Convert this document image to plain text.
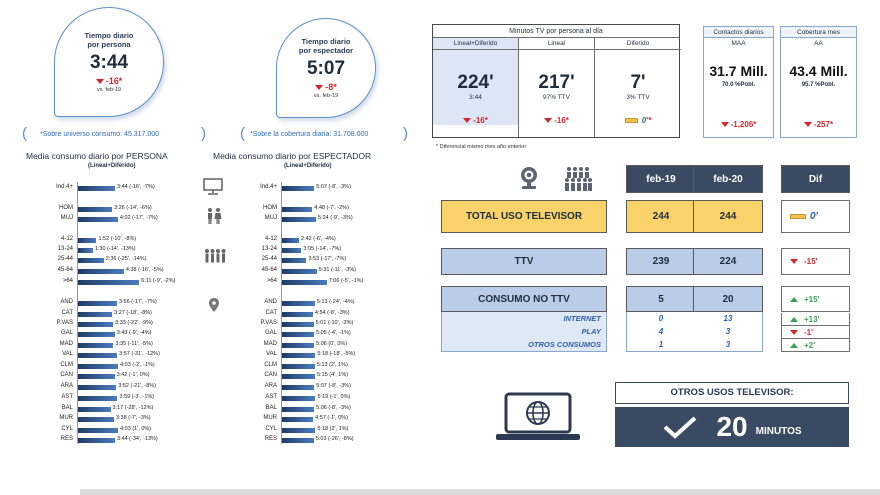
Tiempo diario
por persona
3:44
-16*
vs. feb-19
Tiempo diario
por espectador
5:07
-8*
vs. feb-19
( *Sobre universo consumo: 45.317.000	) ( *Sobre la cobertura diaria: 31.708.000 )
Media consumo diario por PERSONA
(Lineal+Diferido)
Media consumo diario por ESPECTADOR
(Lineal+Diferido)
Ind.4+	3:44 (-16', -7%)
HOM	3:26 (-14', -6%)
MUJ	4:02 (-17', -7%)
4-12	1:52 (-10', -8%)
13-24	1:30 (-14', -13%)
25-44	2:36 (-25', -14%)
45-64	4:38 (-16', -5%)
>64	6:11 (-9', -2%)
AND	3:56 (-17', -7%)
CAT	3:27 (-18', -8%)
P.VAS	3:33 (-22', -9%)
GAL	3:43 (-9', -4%)
MAD	3:35 (-11', -5%)
VAL	3:57 (-31', -12%)
CLM	4:03 (-2', -1%)
CAN	3:42 (-1', 0%)
ARA	3:52 (-21', -8%)
AST	3:59 (-3', -1%)
BAL	3:17 (-28', -12%)
MUR	3:38 (-7', -3%)
CYL	4:03 (1', 0%)
RES	3:44 (-34', -13%)
Ind.4+	5:07 (-8', -3%)
HOM	4:48 (-7', -2%)
MUJ	5:24 (-9', -3%)
4-12	2:42 (-6', -4%)
13-24	3:05 (-14', -7%)
25-44	3:53 (-17', -7%)
45-64	5:31 (-11', -3%)
>64	7:06 (-5', -1%)
AND	5:13 (-24', -4%)
CAT	4:54 (-8', -3%)
P.VAS	5:01 (-10', -3%)
GAL	5:05 (-4', -1%)
MAD	5:06 (0', 0%)
VAL	5:18 (-18', -5%)
CLM	5:13 (2', 1%)
CAN	5:15 (4', 1%)
ARA	5:07 (-8', -3%)
AST	5:19 (-1', 0%)
BAL	5:06 (-8', -3%)
MUR	4:57 (-1', 0%)
CYL	5:18 (2', 1%)
RES	5:03 (-26', -8%)
Minutos TV por persona al día
Lineal+Diferido
224'
3:44
Lineal
217'
97% TTV
Diferido
7'
3% TTV
-16 *	-16 *	0' *
* Diferencial mismo mes año anterior
Contactos diarios
MAA
31.7 Mill.
70.0 %Pobl.
-1,206*
Cobertura mes
AA
43.4 Mill.
95.7 %Pobl.
-257*
feb-19	feb-20	Dif
TOTAL USO TELEVISOR	244	244	0'
TTV	239	224	-15'
CONSUMO NO TTV	5	20	+15'
INTERNET	0	13	+13'
PLAY	4	3	-1'
OTROS CONSUMOS	1	3	+2'
OTROS USOS TELEVISOR:
20 MINUTOS
